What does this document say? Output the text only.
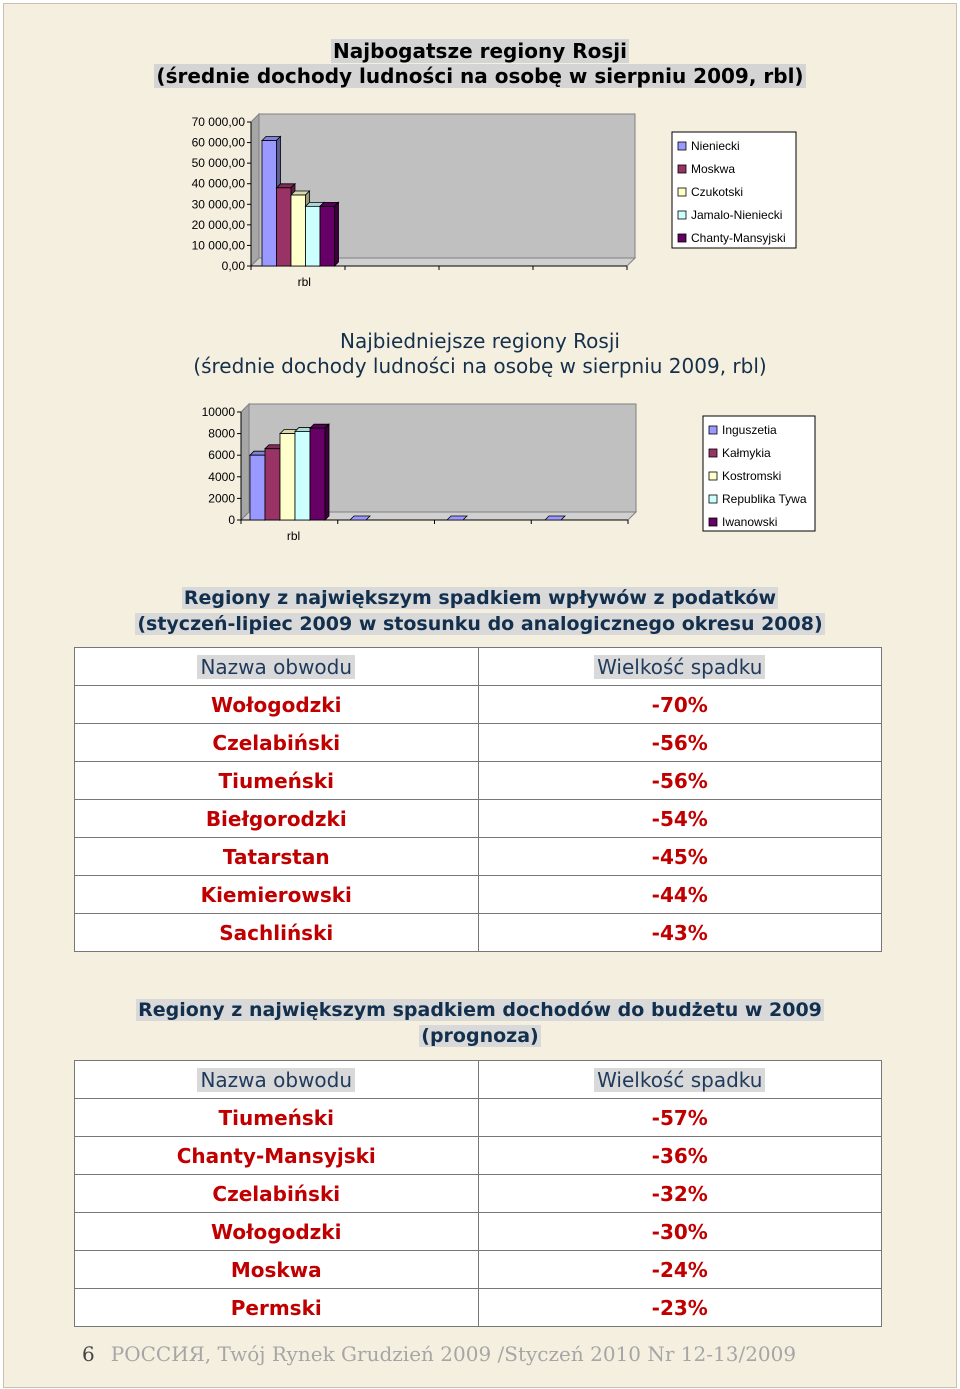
Najbogatsze regiony Rosji
(średnie dochody ludności na osobę w sierpniu 2009, rbl)
70 000,00
60 000,00
50 000,00
40 000,00
30 000,00
20 000,00
10 000,00
0,00
rbl
Nieniecki
Moskwa
Czukotski
Jamalo-Nieniecki
Chanty-Mansyjski
Najbiedniejsze regiony Rosji
(średnie dochody ludności na osobę w sierpniu 2009, rbl)
10000
8000
6000
4000
2000
0
rbl
Inguszetia
Kałmykia
Kostromski
Republika Tywa
Iwanowski
Regiony z największym spadkiem wpływów z podatków
(styczeń-lipiec 2009 w stosunku do analogicznego okresu 2008)
Nazwa obwodu	Wielkość spadku
Wołogodzki	-70%
Czelabiński	-56%
Tiumeński	-56%
Biełgorodzki	-54%
Tatarstan	-45%
Kiemierowski	-44%
Sachliński	-43%
Regiony z największym spadkiem dochodów do budżetu w 2009
(prognoza)
Nazwa obwodu	Wielkość spadku
Tiumeński	-57%
Chanty-Mansyjski	-36%
Czelabiński	-32%
Wołogodzki	-30%
Moskwa	-24%
Permski	-23%
6 РОССИЯ, Twój Rynek Grudzień 2009 /Styczeń 2010 Nr 12-13/2009
